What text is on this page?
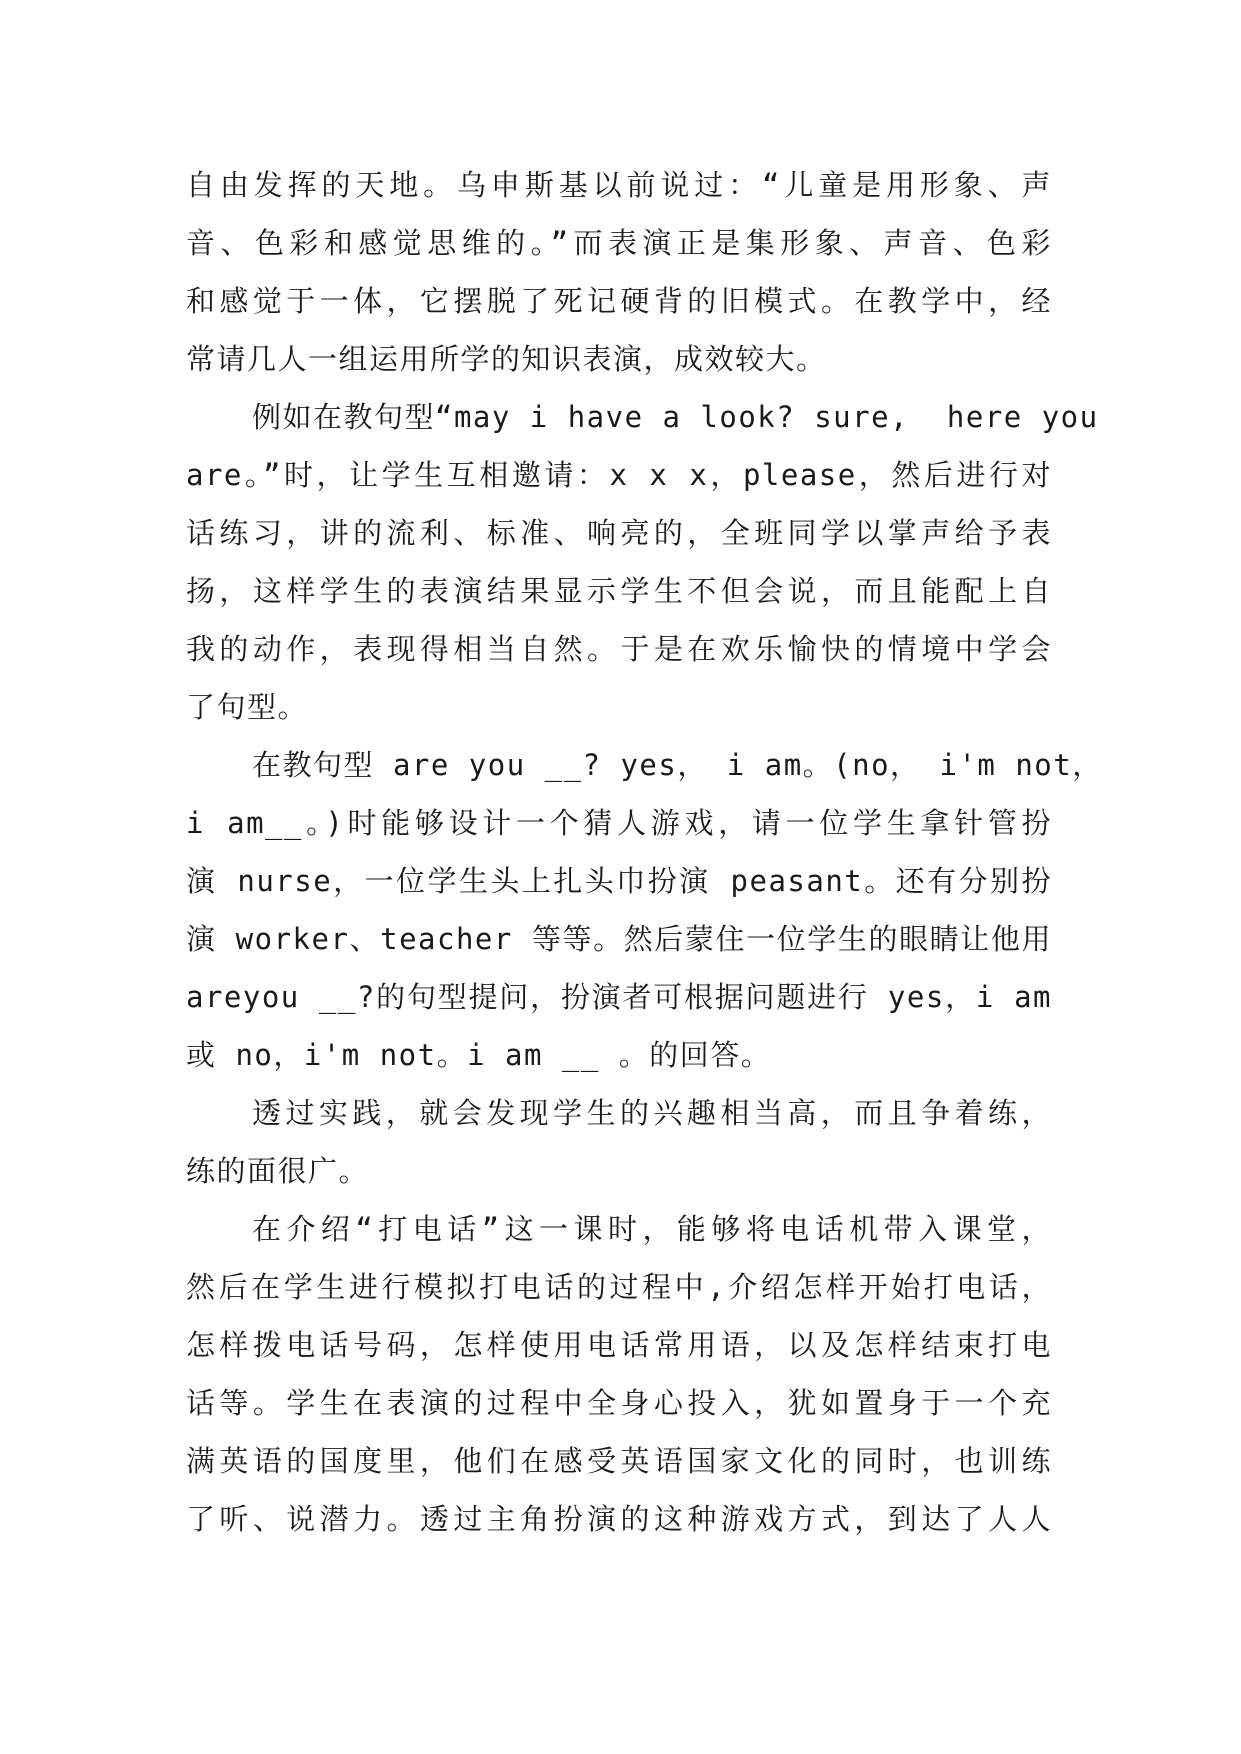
自由发挥的天地。乌申斯基以前说过：“儿童是用形象、声
音、色彩和感觉思维的。”而表演正是集形象、声音、色彩
和感觉于一体，它摆脱了死记硬背的旧模式。在教学中，经
常请几人一组运用所学的知识表演，成效较大。
例如在教句型“may i have a look? sure,  here you
are。”时，让学生互相邀请：x x x，please，然后进行对
话练习，讲的流利、标准、响亮的，全班同学以掌声给予表
扬，这样学生的表演结果显示学生不但会说，而且能配上自
我的动作，表现得相当自然。于是在欢乐愉快的情境中学会
了句型。
在教句型 are you __? yes， i am。(no， i'm not，
i am__。)时能够设计一个猜人游戏，请一位学生拿针管扮
演 nurse，一位学生头上扎头巾扮演 peasant。还有分别扮
演 worker、teacher 等等。然后蒙住一位学生的眼睛让他用
areyou __?的句型提问，扮演者可根据问题进行 yes，i am
或 no，i'm not。i am __ 。的回答。
透过实践，就会发现学生的兴趣相当高，而且争着练，
练的面很广。
在介绍“打电话”这一课时，能够将电话机带入课堂，
然后在学生进行模拟打电话的过程中,介绍怎样开始打电话，
怎样拨电话号码，怎样使用电话常用语，以及怎样结束打电
话等。学生在表演的过程中全身心投入，犹如置身于一个充
满英语的国度里，他们在感受英语国家文化的同时，也训练
了听、说潜力。透过主角扮演的这种游戏方式，到达了人人
